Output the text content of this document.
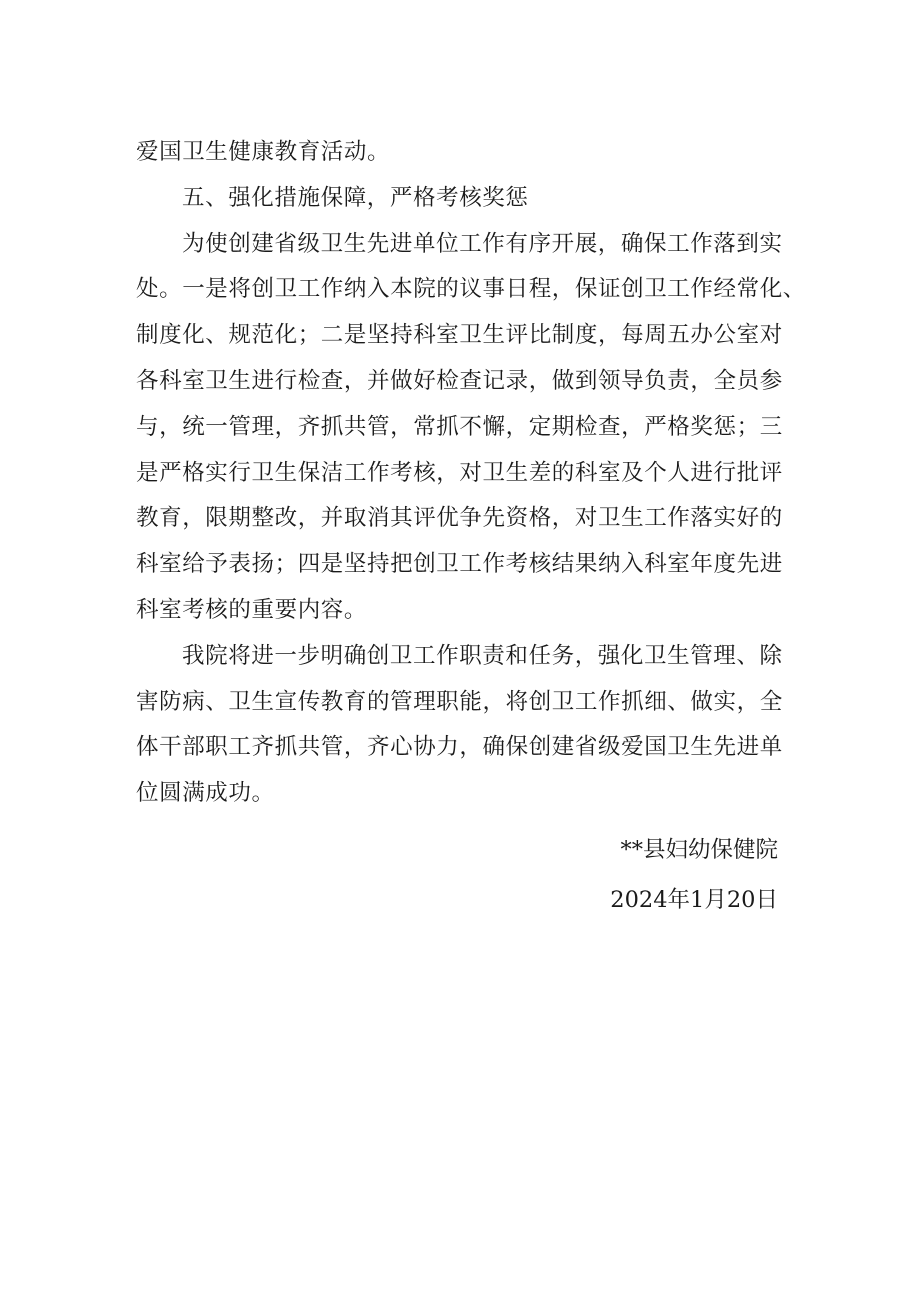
爱国卫生健康教育活动。

五、强化措施保障，严格考核奖惩

为使创建省级卫生先进单位工作有序开展，确保工作落到实

处。一是将创卫工作纳入本院的议事日程，保证创卫工作经常化、

制度化、规范化；二是坚持科室卫生评比制度，每周五办公室对

各科室卫生进行检查，并做好检查记录，做到领导负责，全员参

与，统一管理，齐抓共管，常抓不懈，定期检查，严格奖惩；三

是严格实行卫生保洁工作考核，对卫生差的科室及个人进行批评

教育，限期整改，并取消其评优争先资格，对卫生工作落实好的

科室给予表扬；四是坚持把创卫工作考核结果纳入科室年度先进

科室考核的重要内容。

我院将进一步明确创卫工作职责和任务，强化卫生管理、除

害防病、卫生宣传教育的管理职能，将创卫工作抓细、做实，全

体干部职工齐抓共管，齐心协力，确保创建省级爱国卫生先进单

位圆满成功。

**县妇幼保健院

2024年1月20日
